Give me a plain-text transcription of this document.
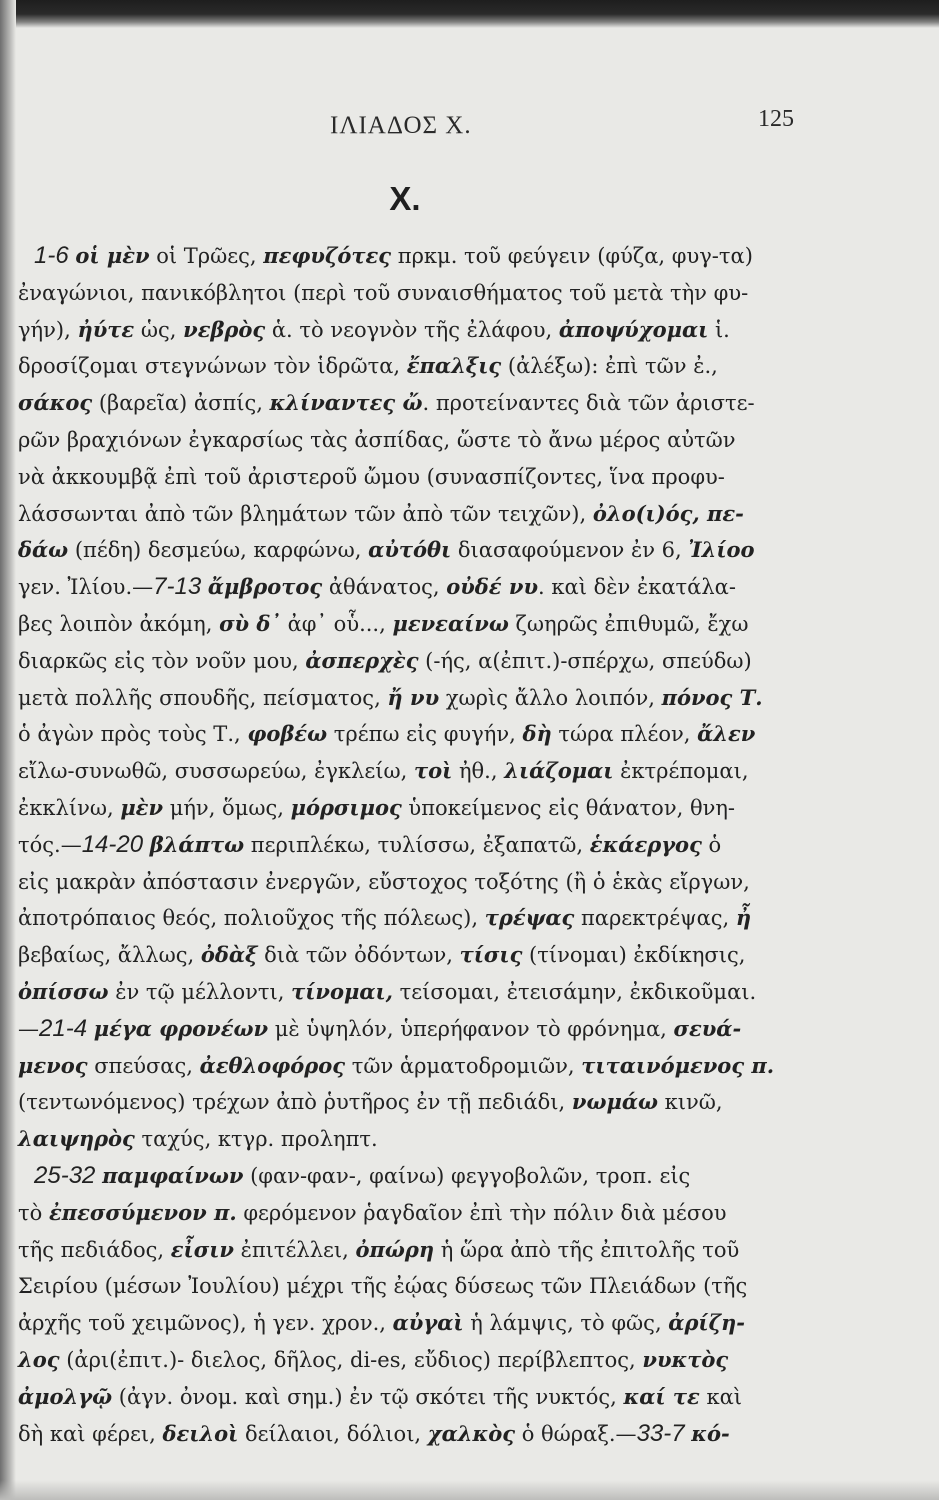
ΙΛΙΑΔΟΣ Χ.	125
Χ.
1-6 οἱ μὲν οἱ Τρῶες, πεφυζότες πρκμ. τοῦ φεύγειν (φύζα, φυγ-τα)
ἐναγώνιοι, πανικόβλητοι (περὶ τοῦ συναισθήματος τοῦ μετὰ τὴν φυ-
γήν), ἠύτε ὡς, νεβρὸς ἁ. τὸ νεογνὸν τῆς ἐλάφου, ἀποψύχομαι ἱ.
δροσίζομαι στεγνώνων τὸν ἱδρῶτα, ἔπαλξις (ἀλέξω): ἐπὶ τῶν ἐ.,
σάκος (βαρεῖα) ἀσπίς, κλίναντες ὤ. προτείναντες διὰ τῶν ἀριστε-
ρῶν βραχιόνων ἐγκαρσίως τὰς ἀσπίδας, ὥστε τὸ ἄνω μέρος αὐτῶν
νὰ ἀκκουμβᾷ ἐπὶ τοῦ ἀριστεροῦ ὤμου (συνασπίζοντες, ἵνα προφυ-
λάσσωνται ἀπὸ τῶν βλημάτων τῶν ἀπὸ τῶν τειχῶν), ὀλο(ι)ός, πε-
δάω (πέδη) δεσμεύω, καρφώνω, αὐτόθι διασαφούμενον ἐν 6, Ἰλίοο
γεν. Ἰλίου.—7-13 ἄμβροτος ἀθάνατος, οὐδέ νυ. καὶ δὲν ἐκατάλα-
βες λοιπὸν ἀκόμη, σὺ δ᾽ ἀφ᾽ οὗ..., μενεαίνω ζωηρῶς ἐπιθυμῶ, ἔχω
διαρκῶς εἰς τὸν νοῦν μου, ἀσπερχὲς (-ής, α(ἐπιτ.)-σπέρχω, σπεύδω)
μετὰ πολλῆς σπουδῆς, πείσματος, ἤ νυ χωρὶς ἄλλο λοιπόν, πόνος Τ.
ὁ ἀγὼν πρὸς τοὺς Τ., φοβέω τρέπω εἰς φυγήν, δὴ τώρα πλέον, ἄλεν
εἴλω-συνωθῶ, συσσωρεύω, ἐγκλείω, τοὶ ἠθ., λιάζομαι ἐκτρέπομαι,
ἐκκλίνω, μὲν μήν, ὅμως, μόρσιμος ὑποκείμενος εἰς θάνατον, θνη-
τός.—14-20 βλάπτω περιπλέκω, τυλίσσω, ἐξαπατῶ, ἑκάεργος ὁ
εἰς μακρὰν ἀπόστασιν ἐνεργῶν, εὔστοχος τοξότης (ἢ ὁ ἑκὰς εἴργων,
ἀποτρόπαιος θεός, πολιοῦχος τῆς πόλεως), τρέψας παρεκτρέψας, ἦ
βεβαίως, ἄλλως, ὀδὰξ διὰ τῶν ὀδόντων, τίσις (τίνομαι) ἐκδίκησις,
ὀπίσσω ἐν τῷ μέλλοντι, τίνομαι, τείσομαι, ἐτεισάμην, ἐκδικοῦμαι.
—21-4 μέγα φρονέων μὲ ὑψηλόν, ὑπερήφανον τὸ φρόνημα, σευά-
μενος σπεύσας, ἀεθλοφόρος τῶν ἁρματοδρομιῶν, τιταινόμενος π.
(τεντωνόμενος) τρέχων ἀπὸ ῥυτῆρος ἐν τῇ πεδιάδι, νωμάω κινῶ,
λαιψηρὸς ταχύς, κτγρ. προληπτ.
25-32 παμφαίνων (φαν-φαν-, φαίνω) φεγγοβολῶν, τροπ. εἰς
τὸ ἐπεσσύμενον π. φερόμενον ῥαγδαῖον ἐπὶ τὴν πόλιν διὰ μέσου
τῆς πεδιάδος, εἶσιν ἐπιτέλλει, ὀπώρη ἡ ὥρα ἀπὸ τῆς ἐπιτολῆς τοῦ
Σειρίου (μέσων Ἰουλίου) μέχρι τῆς ἐῴας δύσεως τῶν Πλειάδων (τῆς
ἀρχῆς τοῦ χειμῶνος), ἡ γεν. χρον., αὐγαὶ ἡ λάμψις, τὸ φῶς, ἀρίζη-
λος (ἀρι(ἐπιτ.)- διελος, δῆλος, di-es, εὔδιος) περίβλεπτος, νυκτὸς
ἀμολγῷ (ἀγν. ὀνομ. καὶ σημ.) ἐν τῷ σκότει τῆς νυκτός, καί τε καὶ
δὴ καὶ φέρει, δειλοὶ δείλαιοι, δόλιοι, χαλκὸς ὁ θώραξ.—33-7 κό-
